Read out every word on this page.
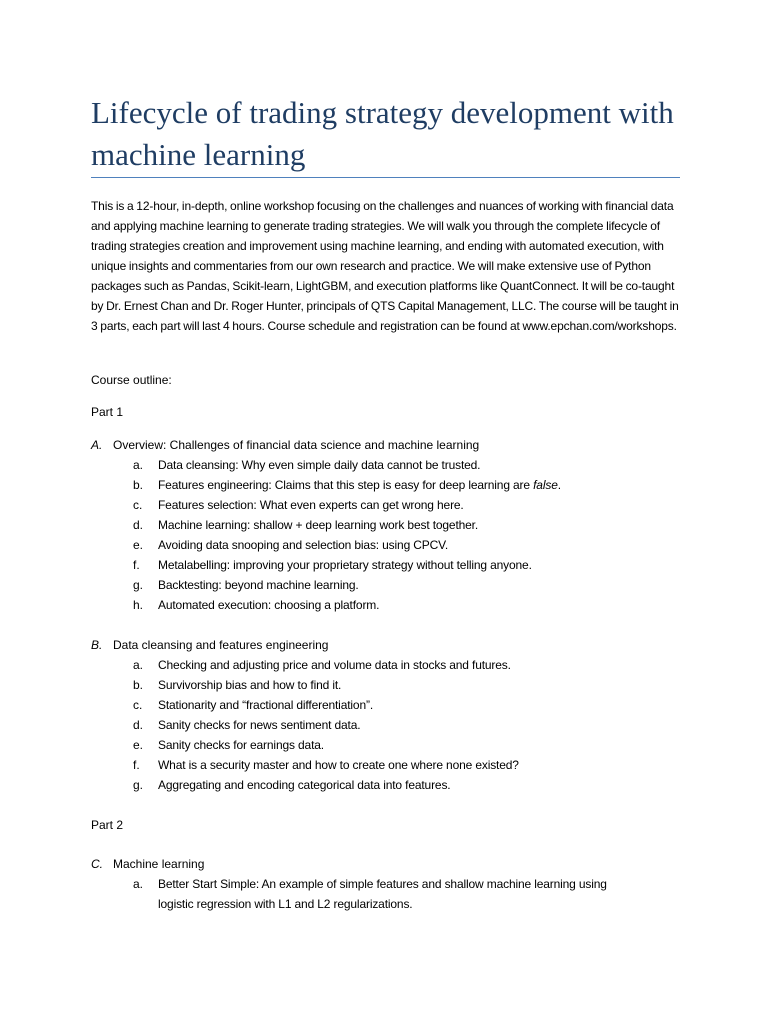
Lifecycle of trading strategy development with machine learning

This is a 12-hour, in-depth, online workshop focusing on the challenges and nuances of working with financial data and applying machine learning to generate trading strategies. We will walk you through the complete lifecycle of trading strategies creation and improvement using machine learning, and ending with automated execution, with unique insights and commentaries from our own research and practice. We will make extensive use of Python packages such as Pandas, Scikit-learn, LightGBM, and execution platforms like QuantConnect. It will be co-taught by Dr. Ernest Chan and Dr. Roger Hunter, principals of QTS Capital Management, LLC. The course will be taught in 3 parts, each part will last 4 hours. Course schedule and registration can be found at www.epchan.com/workshops.

Course outline:
Part 1
A. Overview: Challenges of financial data science and machine learning
a.	Data cleansing: Why even simple daily data cannot be trusted.
b.	Features engineering: Claims that this step is easy for deep learning are false.
c.	Features selection: What even experts can get wrong here.
d.	Machine learning: shallow + deep learning work best together.
e.	Avoiding data snooping and selection bias: using CPCV.
f.	Metalabelling: improving your proprietary strategy without telling anyone.
g.	Backtesting: beyond machine learning.
h.	Automated execution: choosing a platform.
B. Data cleansing and features engineering
a.	Checking and adjusting price and volume data in stocks and futures.
b.	Survivorship bias and how to find it.
c.	Stationarity and “fractional differentiation”.
d.	Sanity checks for news sentiment data.
e.	Sanity checks for earnings data.
f.	What is a security master and how to create one where none existed?
g.	Aggregating and encoding categorical data into features.
Part 2
C. Machine learning
a.	Better Start Simple: An example of simple features and shallow machine learning using logistic regression with L1 and L2 regularizations.
